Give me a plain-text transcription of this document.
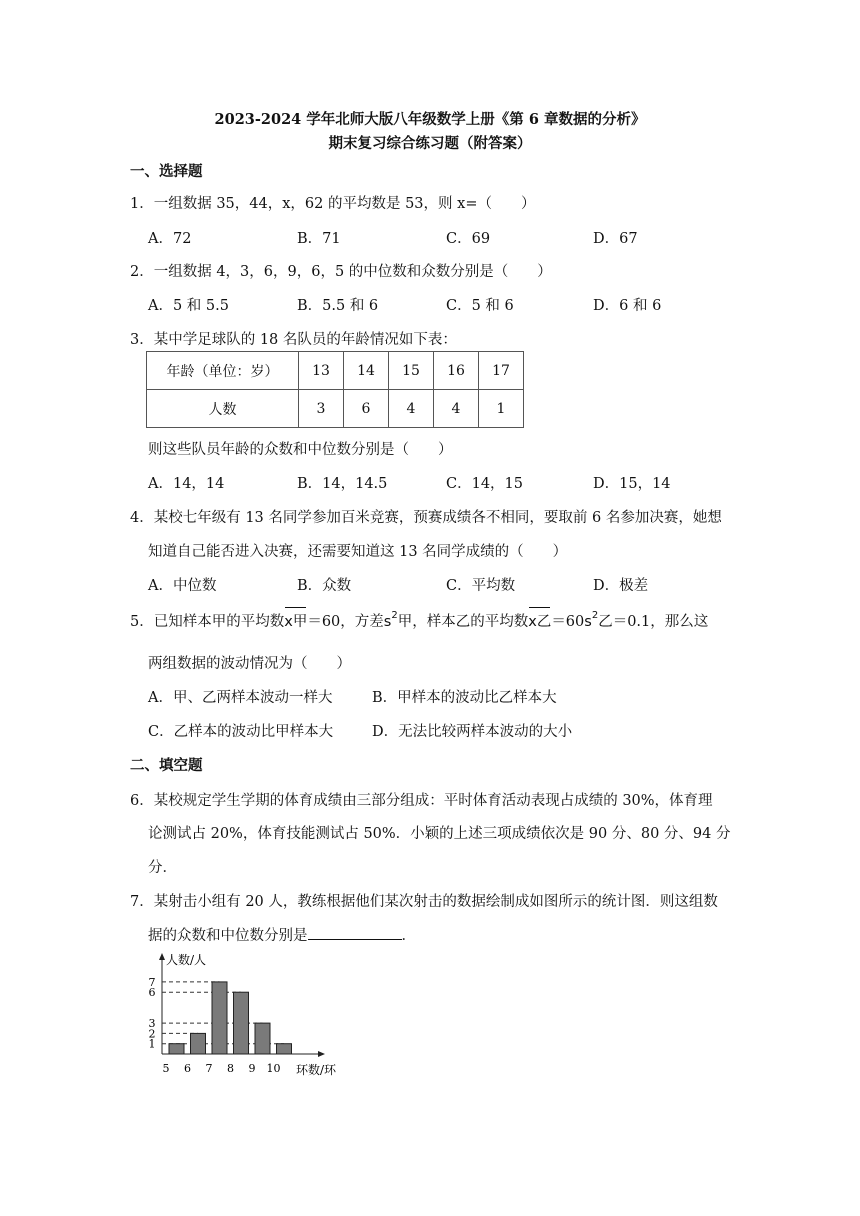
2023-2024 学年北师大版八年级数学上册《第 6 章数据的分析》
期末复习综合练习题（附答案）
一、选择题
1．一组数据 35，44，x，62 的平均数是 53，则 x=（　　）
A．72	B．71	C．69	D．67
2．一组数据 4，3，6，9，6，5 的中位数和众数分别是（　　）
A．5 和 5.5	B．5.5 和 6	C．5 和 6	D．6 和 6
3．某中学足球队的 18 名队员的年龄情况如下表：
年龄（单位：岁）	13	14	15	16	17
人数	3	6	4	4	1
则这些队员年龄的众数和中位数分别是（　　）
A．14，14	B．14，14.5	C．14，15	D．15，14
4．某校七年级有 13 名同学参加百米竞赛，预赛成绩各不相同，要取前 6 名参加决赛，她想
知道自己能否进入决赛，还需要知道这 13 名同学成绩的（　　）
A．中位数	B．众数	C．平均数	D．极差
5．已知样本甲的平均数x甲＝60，方差$s^2$甲，样本乙的平均数x乙$=60s^2$乙＝0.1，那么这
两组数据的波动情况为（　　）
A．甲、乙两样本波动一样大	B．甲样本的波动比乙样本大
C．乙样本的波动比甲样本大	D．无法比较两样本波动的大小
二、填空题
6．某校规定学生学期的体育成绩由三部分组成：平时体育活动表现占成绩的 30%，体育理
论测试占 20%，体育技能测试占 50%．小颖的上述三项成绩依次是 90 分、80 分、94 分
分．
7．某射击小组有 20 人，教练根据他们某次射击的数据绘制成如图所示的统计图．则这组数
据的众数和中位数分别是	．
人数/人
环数/环
1
2
3
6
7
5 6 7 8 9 10
